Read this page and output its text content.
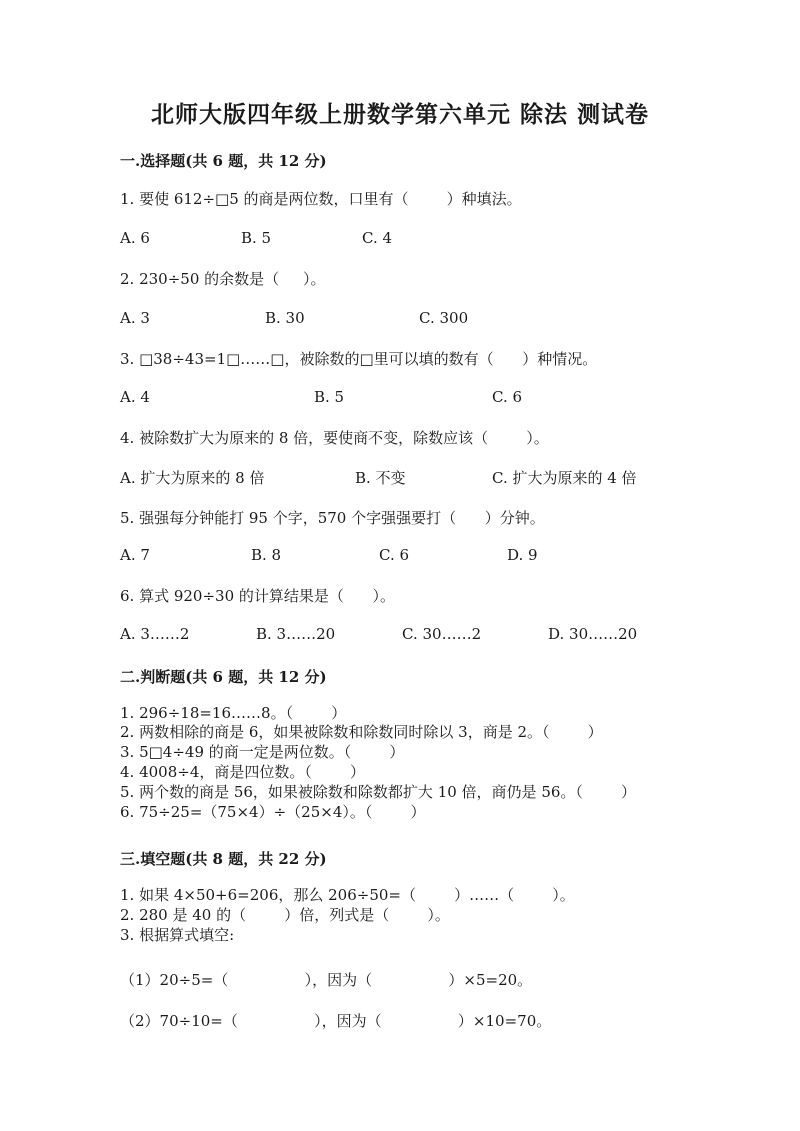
北师大版四年级上册数学第六单元 除法 测试卷
一.选择题(共 6 题，共 12 分)
1. 要使 612÷□5 的商是两位数，口里有（        ）种填法。
A. 6	B. 5	C. 4
2. 230÷50 的余数是（     ）。
A. 3	B. 30	C. 300
3. □38÷43=1□……□，被除数的□里可以填的数有（      ）种情况。
A. 4	B. 5	C. 6
4. 被除数扩大为原来的 8 倍，要使商不变，除数应该（        ）。
A. 扩大为原来的 8 倍	B. 不变	C. 扩大为原来的 4 倍
5. 强强每分钟能打 95 个字，570 个字强强要打（      ）分钟。
A. 7	B. 8	C. 6	D. 9
6. 算式 920÷30 的计算结果是（      ）。
A. 3……2	B. 3……20	C. 30……2	D. 30……20
二.判断题(共 6 题，共 12 分)
1. 296÷18=16……8。（        ）
2. 两数相除的商是 6，如果被除数和除数同时除以 3，商是 2。（        ）
3. 5□4÷49 的商一定是两位数。（        ）
4. 4008÷4，商是四位数。（        ）
5. 两个数的商是 56，如果被除数和除数都扩大 10 倍，商仍是 56。（        ）
6. 75÷25=（75×4）÷（25×4）。（        ）
三.填空题(共 8 题，共 22 分)
1. 如果 4×50+6=206，那么 206÷50=（        ）……（        ）。
2. 280 是 40 的（        ）倍，列式是（        ）。
3. 根据算式填空:
（1）20÷5=（                ），因为（                ）×5=20。
（2）70÷10=（                ），因为（                ）×10=70。
